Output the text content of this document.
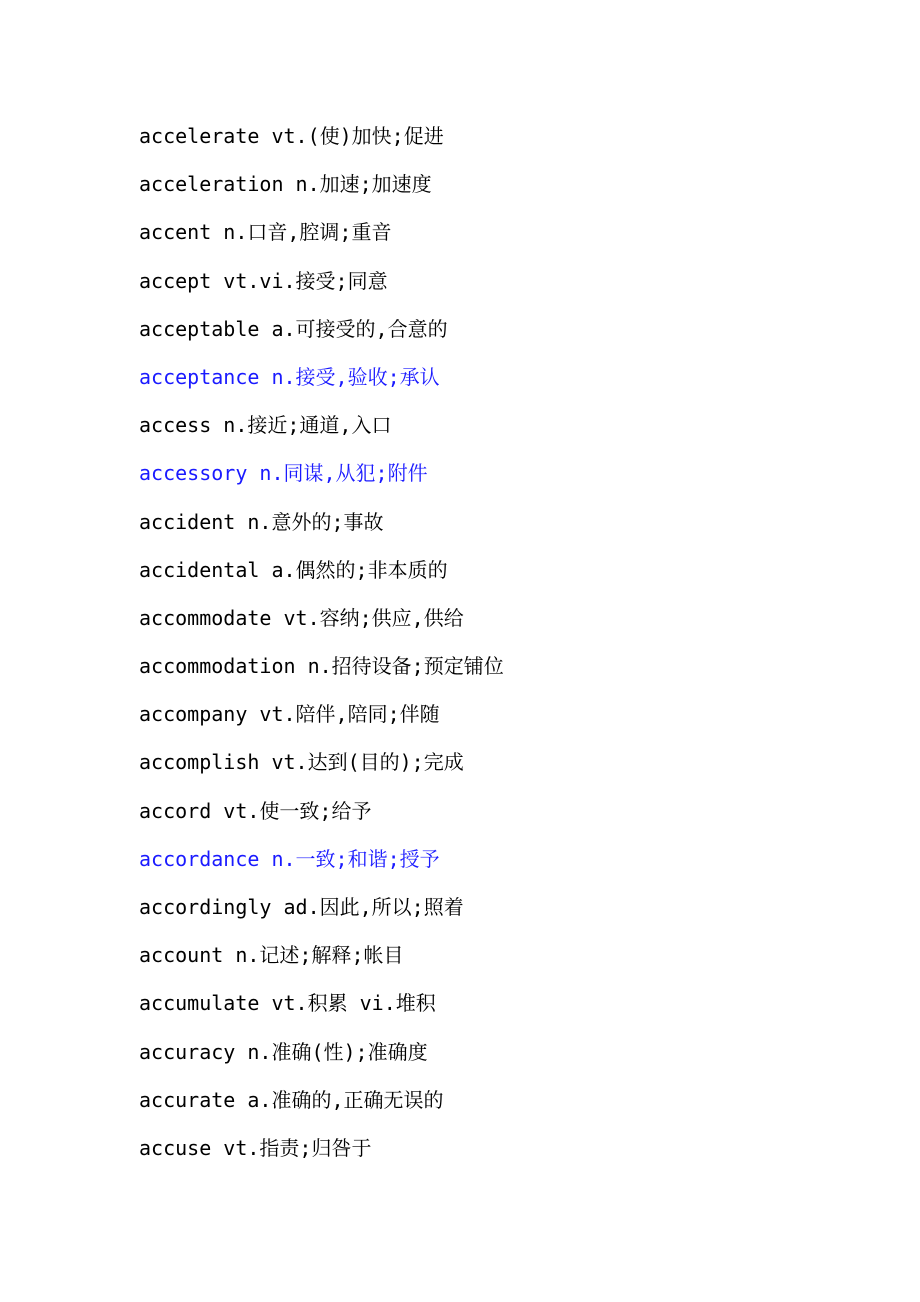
accelerate vt.(使)加快;促进
acceleration n.加速;加速度
accent n.口音,腔调;重音
accept vt.vi.接受;同意
acceptable a.可接受的,合意的
acceptance n.接受,验收;承认
access n.接近;通道,入口
accessory n.同谋,从犯;附件
accident n.意外的;事故
accidental a.偶然的;非本质的
accommodate vt.容纳;供应,供给
accommodation n.招待设备;预定铺位
accompany vt.陪伴,陪同;伴随
accomplish vt.达到(目的);完成
accord vt.使一致;给予
accordance n.一致;和谐;授予
accordingly ad.因此,所以;照着
account n.记述;解释;帐目
accumulate vt.积累 vi.堆积
accuracy n.准确(性);准确度
accurate a.准确的,正确无误的
accuse vt.指责;归咎于
